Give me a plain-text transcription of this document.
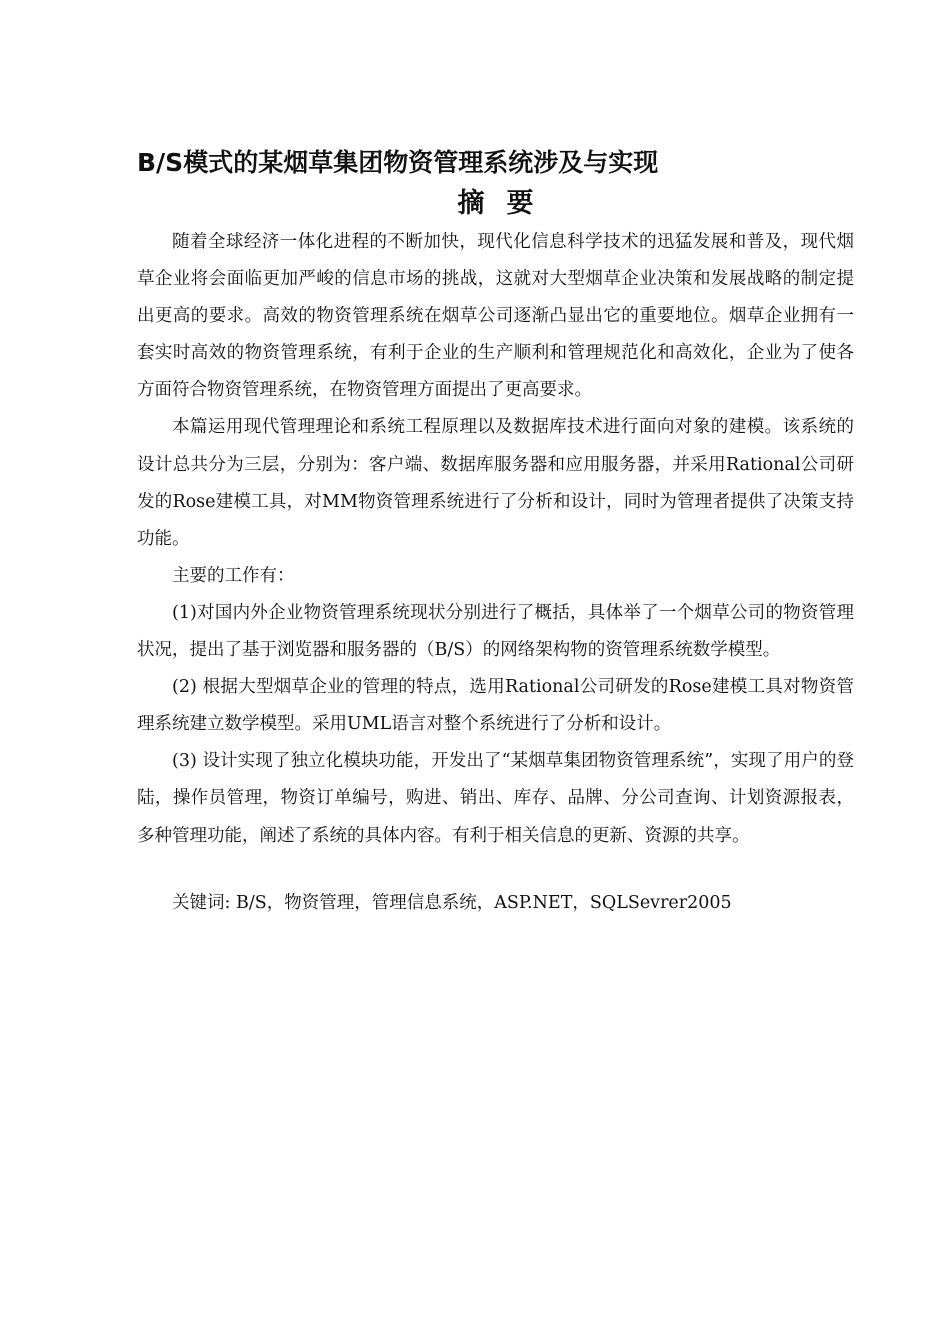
B/S模式的某烟草集团物资管理系统涉及与实现
摘要

随着全球经济一体化进程的不断加快，现代化信息科学技术的迅猛发展和普及，现代烟草企业将会面临更加严峻的信息市场的挑战，这就对大型烟草企业决策和发展战略的制定提出更高的要求。高效的物资管理系统在烟草公司逐渐凸显出它的重要地位。烟草企业拥有一套实时高效的物资管理系统，有利于企业的生产顺利和管理规范化和高效化，企业为了使各方面符合物资管理系统，在物资管理方面提出了更高要求。

本篇运用现代管理理论和系统工程原理以及数据库技术进行面向对象的建模。该系统的设计总共分为三层，分别为：客户端、数据库服务器和应用服务器，并采用Rational公司研发的Rose建模工具，对MM物资管理系统进行了分析和设计，同时为管理者提供了决策支持功能。

主要的工作有：

(1)对国内外企业物资管理系统现状分别进行了概括，具体举了一个烟草公司的物资管理状况，提出了基于浏览器和服务器的（B/S）的网络架构物的资管理系统数学模型。

(2) 根据大型烟草企业的管理的特点，选用Rational公司研发的Rose建模工具对物资管理系统建立数学模型。采用UML语言对整个系统进行了分析和设计。

(3) 设计实现了独立化模块功能，开发出了“某烟草集团物资管理系统”，实现了用户的登陆，操作员管理，物资订单编号，购进、销出、库存、品牌、分公司查询、计划资源报表，多种管理功能，阐述了系统的具体内容。有利于相关信息的更新、资源的共享。

关键词: B/S，物资管理，管理信息系统，ASP.NET，SQLSevrer2005
